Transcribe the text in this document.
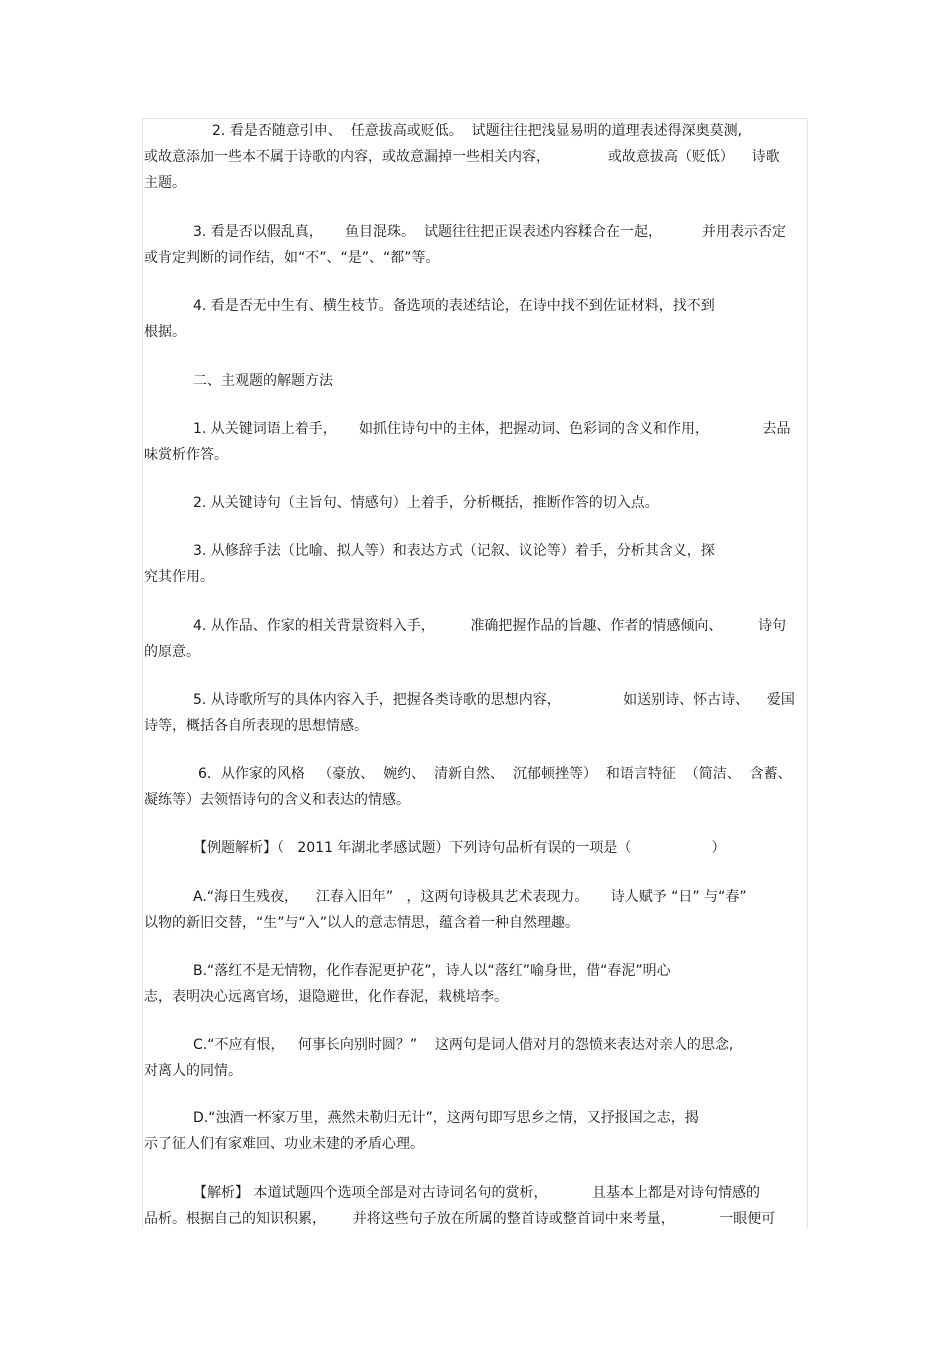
2. 看是否随意引申、  任意拔高或贬低。  试题往往把浅显易明的道理表述得深奥莫测,
或故意添加一些本不属于诗歌的内容，或故意漏掉一些相关内容，             或故意拔高（贬低）    诗歌
主题。
3. 看是否以假乱真，     鱼目混珠。  试题往往把正误表述内容糅合在一起，         并用表示否定
或肯定判断的词作结，如“不”、“是”、“都”等。
4. 看是否无中生有、横生枝节。备选项的表述结论，在诗中找不到佐证材料，找不到
根据。
二、主观题的解题方法
1. 从关键词语上着手，     如抓住诗句中的主体，把握动词、色彩词的含义和作用，            去品
味赏析作答。
2. 从关键诗句（主旨句、情感句）上着手，分析概括，推断作答的切入点。
3. 从修辞手法（比喻、拟人等）和表达方式（记叙、议论等）着手，分析其含义，探
究其作用。
4. 从作品、作家的相关背景资料入手，        准确把握作品的旨趣、作者的情感倾向、        诗句
的原意。
5. 从诗歌所写的具体内容入手，把握各类诗歌的思想内容，              如送别诗、怀古诗、    爱国
诗等，概括各自所表现的思想情感。
6．从作家的风格   （豪放、  婉约、  清新自然、  沉郁顿挫等）  和语言特征  （简洁、  含蓄、
凝练等）去领悟诗句的含义和表达的情感。
【例题解析】（   2011 年湖北孝感试题）下列诗句品析有误的一项是（                  ）
A.“海日生残夜，    江春入旧年”   ，这两句诗极具艺术表现力。     诗人赋予 “日” 与“春”
以物的新旧交替，“生”与“入”以人的意志情思，蕴含着一种自然理趣。
B.“落红不是无情物，化作春泥更护花”，诗人以“落红”喻身世，借“春泥”明心
志，表明决心远离官场，退隐避世，化作春泥，栽桃培李。
C.“不应有恨，   何事长向别时圆？”    这两句是词人借对月的怨愤来表达对亲人的思念,
对离人的同情。
D.“浊酒一杯家万里，燕然未勒归无计”，这两句即写思乡之情，又抒报国之志，揭
示了征人们有家难回、功业未建的矛盾心理。
【解析】 本道试题四个选项全部是对古诗词名句的赏析，          且基本上都是对诗句情感的
品析。根据自己的知识积累，      并将这些句子放在所属的整首诗或整首词中来考量，          一眼便可
